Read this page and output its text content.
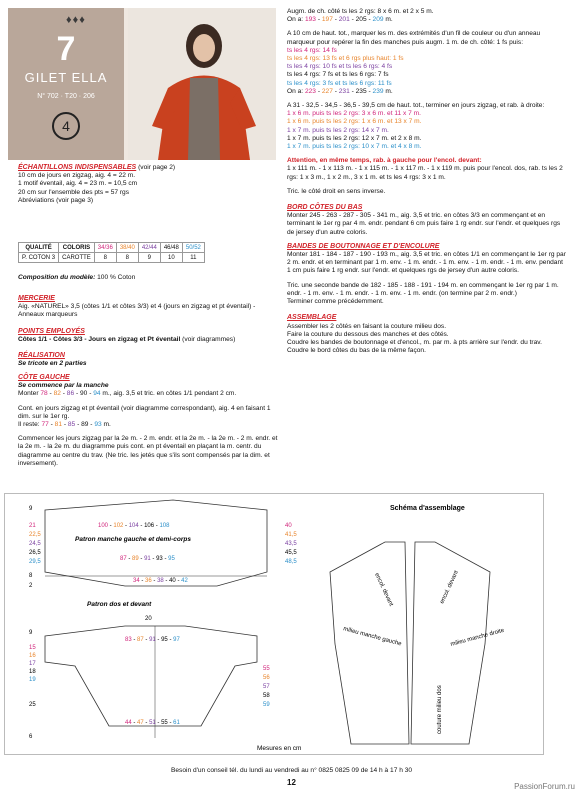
♦♦♦
7
GILET ELLA
N° 702 · T20 · 206
4
ÉCHANTILLONS INDISPENSABLES (voir page 2)
10 cm de jours en zigzag, aig. 4 = 22 m.
1 motif éventail, aig. 4 = 23 m. = 10,5 cm
20 cm sur l'ensemble des pts = 57 rgs
Abréviations (voir page 3)
QUALITÉ	COLORIS	34/36	38/40	42/44	46/48	50/52
P. COTON 3	CAROTTE	8	8	9	10	11
Composition du modèle: 100 % Coton
MERCERIE
Aig. «NATUREL» 3,5 (côtes 1/1 et côtes 3/3) et 4 (jours en zigzag et pt éventail) - Anneaux marqueurs
POINTS EMPLOYÉS
Côtes 1/1 - Côtes 3/3 - Jours en zigzag et Pt éventail (voir diagrammes)
RÉALISATION
Se tricote en 2 parties
CÔTE GAUCHE
Se commence par la manche
Monter 78 - 82 - 86 - 90 - 94 m., aig. 3,5 et tric. en côtes 1/1 pendant 2 cm.
Cont. en jours zigzag et pt éventail (voir diagramme correspondant), aig. 4 en faisant 1 dim. sur le 1er rg.
Il reste: 77 - 81 - 85 - 89 - 93 m.
Commencer les jours zigzag par la 2e m. - 2 m. endr. et la 2e m. - la 2e m. - 2 m. endr. et la 2e m. - la 2e m. du diagramme puis cont. en pt éventail en plaçant la m. centr. du diagramme au centre du trav. (Ne tric. les jetés que s'ils sont compensés par la dim. et inversement).
Augm. de ch. côté ts les 2 rgs: 8 x 6 m. et 2 x 5 m.
On a: 193 - 197 - 201 - 205 - 209 m.
A 10 cm de haut. tot., marquer les m. des extrémités d'un fil de couleur ou d'un anneau marqueur pour repérer la fin des manches puis augm. 1 m. de ch. côté: 1 fs puis:
ts les 4 rgs: 14 fs
ts les 4 rgs: 13 fs et 6 rgs plus haut: 1 fs
ts les 4 rgs: 10 fs et ts les 6 rgs: 4 fs
ts les 4 rgs: 7 fs et ts les 6 rgs: 7 fs
ts les 4 rgs: 3 fs et ts les 6 rgs: 11 fs
On a: 223 - 227 - 231 - 235 - 239 m.
A 31 - 32,5 - 34,5 - 36,5 - 39,5 cm de haut. tot., terminer en jours zigzag, et rab. à droite:
1 x 6 m. puis ts les 2 rgs: 3 x 6 m. et 11 x 7 m.
1 x 6 m. puis ts les 2 rgs: 1 x 6 m. et 13 x 7 m.
1 x 7 m. puis ts les 2 rgs: 14 x 7 m.
1 x 7 m. puis ts les 2 rgs: 12 x 7 m. et 2 x 8 m.
1 x 7 m. puis ts les 2 rgs: 10 x 7 m. et 4 x 8 m.
Attention, en même temps, rab. à gauche pour l'encol. devant:
1 x 111 m. - 1 x 113 m. - 1 x 115 m. - 1 x 117 m. - 1 x 119 m. puis pour l'encol. dos, rab. ts les 2 rgs: 1 x 3 m., 1 x 2 m., 3 x 1 m. et ts les 4 rgs: 3 x 1 m.
Tric. le côté droit en sens inverse.
BORD CÔTES DU BAS
Monter 245 - 263 - 287 - 305 - 341 m., aig. 3,5 et tric. en côtes 3/3 en commençant et en terminant le 1er rg par 4 m. endr. pendant 6 cm puis faire 1 rg endr. sur l'endr. et quelques rgs de jersey d'un autre coloris.
BANDES DE BOUTONNAGE ET D'ENCOLURE
Monter 181 - 184 - 187 - 190 - 193 m., aig. 3,5 et tric. en côtes 1/1 en commençant le 1er rg par 2 m. endr. et en terminant par 1 m. env. - 1 m. endr. - 1 m. env. - 1 m. endr. - 1 m. env. pendant 1 cm puis faire 1 rg endr. sur l'endr. et quelques rgs de jersey d'un autre coloris.
Tric. une seconde bande de 182 - 185 - 188 - 191 - 194 m. en commençant le 1er rg par 1 m. endr. - 1 m. env. - 1 m. endr. - 1 m. env. - 1 m. endr. (on termine par 2 m. endr.)
Terminer comme précédemment.
ASSEMBLAGE
Assembler les 2 côtés en faisant la couture milieu dos.
Faire la couture du dessous des manches et des côtés.
Coudre les bandes de boutonnage et d'encol., m. par m. à pts arrière sur l'endr. du trav.
Coudre le bord côtes du bas de la même façon.
100 - 102 - 104 - 106 - 108
Patron manche gauche et demi-corps
87 - 89 - 91 - 93 - 95
34 - 36 - 38 - 40 - 42
9
21
22,5
24,5
26,5
29,5
8
2
40
41,5
43,5
45,5
48,5
Patron dos et devant
20
83 - 87 - 91 - 95 - 97
44 - 47 - 51 - 55 - 61
9
15
16
17
18
19
25
6
55
56
57
58
59
Mesures en cm
Schéma d'assemblage
encol. devant	encol. devant
milieu manche gauche	milieu manche droite
couture milieu dos
Besoin d'un conseil tél. du lundi au vendredi au n° 0825 0825 09 de 14 h à 17 h 30
12	PassionForum.ru
